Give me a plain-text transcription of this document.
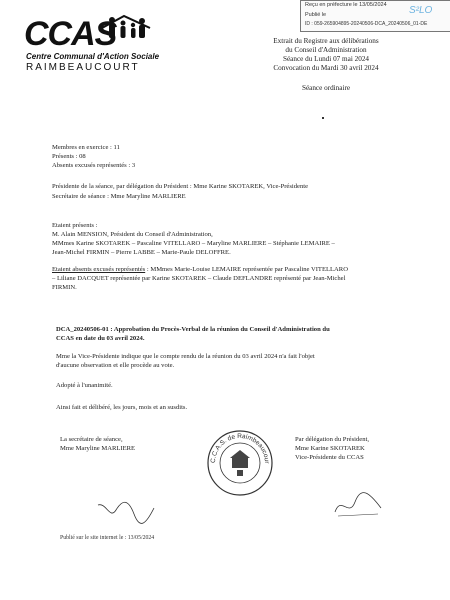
CCAS
Centre Communal d'Action Sociale
RAIMBEAUCOURT
Reçu en préfecture le 13/05/2024
Publié le
ID : 059-265904895-20240506-DCA_20240506_01-DE
S²LO
Extrait du Registre aux délibérations
du Conseil d'Administration
Séance du Lundi 07 mai 2024
Convocation du Mardi 30 avril 2024
Séance ordinaire
Membres en exercice : 11
Présents : 08
Absents excusés représentés : 3
Présidente de la séance, par délégation du Président : Mme Karine SKOTAREK, Vice-Présidente
Secrétaire de séance : Mme Maryline MARLIERE
Etaient présents :
M. Alain MENSION, Président du Conseil d'Administration,
MMmes Karine SKOTAREK – Pascaline VITELLARO – Maryline MARLIERE – Stéphanie LEMAIRE –
Jean-Michel FIRMIN – Pierre LABBE – Marie-Paule DELOFFRE.
Etaient absents excusés représentés : MMmes Marie-Louise LEMAIRE représentée par Pascaline VITELLARO
– Liliane DACQUET représentée par Karine SKOTAREK – Claude DEFLANDRE représenté par Jean-Michel
FIRMIN.
DCA_20240506-01 : Approbation du Procès-Verbal de la réunion du Conseil d'Administration du
CCAS en date du 03 avril 2024.
Mme la Vice-Présidente indique que le compte rendu de la réunion du 03 avril 2024 n'a fait l'objet
d'aucune observation et elle procède au vote.
Adopté à l'unanimité.
Ainsi fait et délibéré, les jours, mois et an susdits.
La secrétaire de séance,
Mme Maryline MARLIERE
Par délégation du Président,
Mme Karine SKOTAREK
Vice-Présidente du CCAS
C.C.A.S. de Raimbeaucour
Publié sur le site internet le : 13/05/2024
